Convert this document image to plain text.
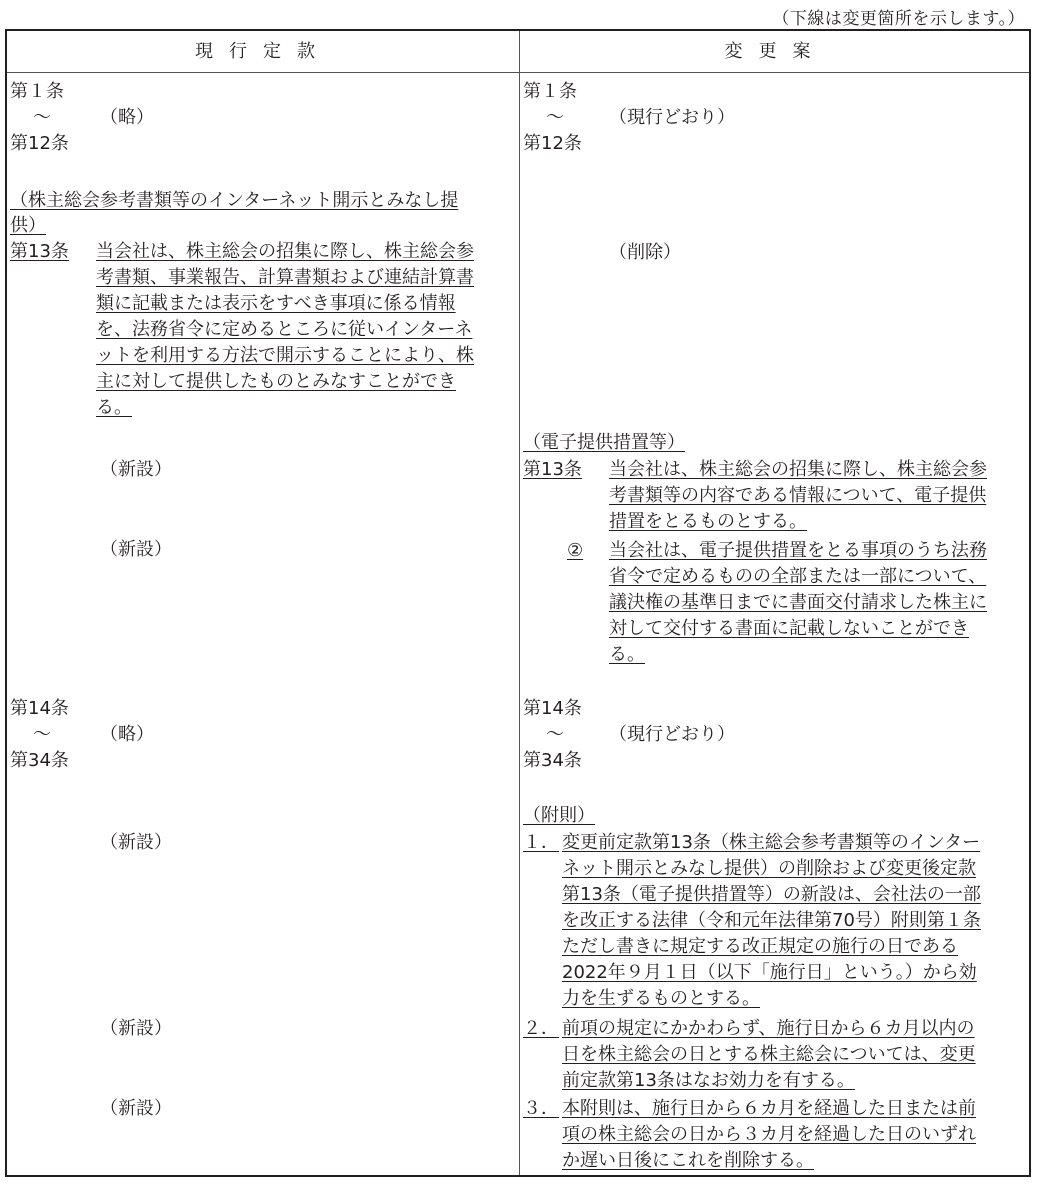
（下線は変更箇所を示します。）
現行定款	変更案
第１条
～
第12条
（略）
（株主総会参考書類等のインターネット開示とみなし提
供）
第13条 当会社は、株主総会の招集に際し、株主総会参
考書類、事業報告、計算書類および連結計算書
類に記載または表示をすべき事項に係る情報
を、法務省令に定めるところに従いインターネ
ットを利用する方法で開示することにより、株
主に対して提供したものとみなすことができ
る。
（新設）
（新設）
第14条
～
第34条
（略）
（新設）
（新設）
（新設）
第１条
～
第12条
（現行どおり）
（削除）
（電子提供措置等）
第13条 当会社は、株主総会の招集に際し、株主総会参
考書類等の内容である情報について、電子提供
措置をとるものとする。
② 当会社は、電子提供措置をとる事項のうち法務
省令で定めるものの全部または一部について、
議決権の基準日までに書面交付請求した株主に
対して交付する書面に記載しないことができ
る。
第14条
～
第34条
（現行どおり）
（附則）
１． 変更前定款第13条（株主総会参考書類等のインター
ネット開示とみなし提供）の削除および変更後定款
第13条（電子提供措置等）の新設は、会社法の一部
を改正する法律（令和元年法律第70号）附則第１条
ただし書きに規定する改正規定の施行の日である
2022年９月１日（以下「施行日」という。）から効
力を生ずるものとする。
２． 前項の規定にかかわらず、施行日から６カ月以内の
日を株主総会の日とする株主総会については、変更
前定款第13条はなお効力を有する。
３． 本附則は、施行日から６カ月を経過した日または前
項の株主総会の日から３カ月を経過した日のいずれ
か遅い日後にこれを削除する。
